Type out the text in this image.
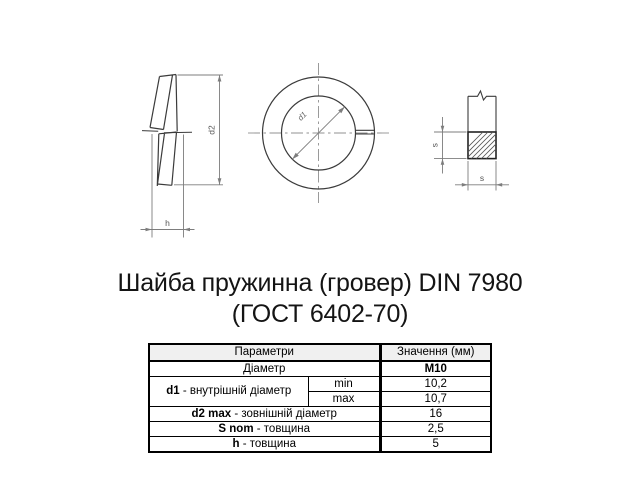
d2
h
d1
s
s
Шайба пружинна (гровер) DIN 7980
(ГОСТ 6402-70)
Параметри		Значення (мм)
Діаметр		M10
d1 - внутрішній діаметр	min	10,2
	max	10,7
d2 max - зовнішній діаметр		16
S nom - товщина		2,5
h - товщина		5
